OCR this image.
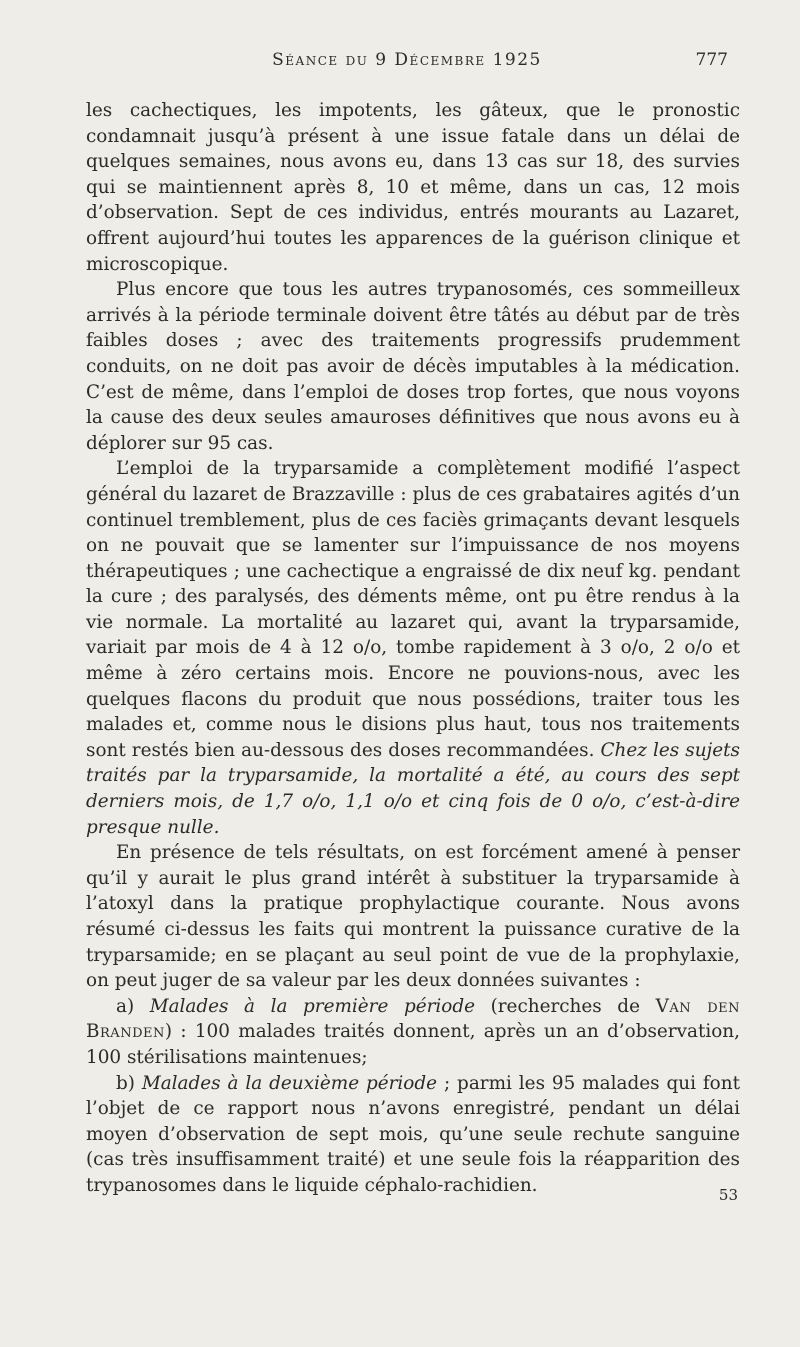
Séance du 9 Décembre 1925	777

les cachectiques, les impotents, les gâteux, que le pronostic condamnait jusqu’à présent à une issue fatale dans un délai de quelques semaines, nous avons eu, dans 13 cas sur 18, des survies qui se maintiennent après 8, 10 et même, dans un cas, 12 mois d’observation. Sept de ces individus, entrés mourants au Lazaret, offrent aujourd’hui toutes les apparences de la guérison clinique et microscopique.

Plus encore que tous les autres trypanosomés, ces sommeilleux arrivés à la période terminale doivent être tâtés au début par de très faibles doses ; avec des traitements progressifs prudemment conduits, on ne doit pas avoir de décès imputables à la médication. C’est de même, dans l’emploi de doses trop fortes, que nous voyons la cause des deux seules amauroses définitives que nous avons eu à déplorer sur 95 cas.

L’emploi de la tryparsamide a complètement modifié l’aspect général du lazaret de Brazzaville : plus de ces grabataires agités d’un continuel tremblement, plus de ces faciès grimaçants devant lesquels on ne pouvait que se lamenter sur l’impuissance de nos moyens thérapeutiques ; une cachectique a engraissé de dix neuf kg. pendant la cure ; des paralysés, des déments même, ont pu être rendus à la vie normale. La mortalité au lazaret qui, avant la tryparsamide, variait par mois de 4 à 12 o/o, tombe rapidement à 3 o/o, 2 o/o et même à zéro certains mois. Encore ne pouvions-nous, avec les quelques flacons du produit que nous possédions, traiter tous les malades et, comme nous le disions plus haut, tous nos traitements sont restés bien au-dessous des doses recommandées. Chez les sujets traités par la tryparsamide, la mortalité a été, au cours des sept derniers mois, de 1,7 o/o, 1,1 o/o et cinq fois de 0 o/o, c’est-à-dire presque nulle.

En présence de tels résultats, on est forcément amené à penser qu’il y aurait le plus grand intérêt à substituer la tryparsamide à l’atoxyl dans la pratique prophylactique courante. Nous avons résumé ci-dessus les faits qui montrent la puissance curative de la tryparsamide; en se plaçant au seul point de vue de la prophylaxie, on peut juger de sa valeur par les deux données suivantes :

a) Malades à la première période (recherches de Van den Branden) : 100 malades traités donnent, après un an d’observation, 100 stérilisations maintenues;

b) Malades à la deuxième période ; parmi les 95 malades qui font l’objet de ce rapport nous n’avons enregistré, pendant un délai moyen d’observation de sept mois, qu’une seule rechute sanguine (cas très insuffisamment traité) et une seule fois la réapparition des trypanosomes dans le liquide céphalo-rachidien.	53
